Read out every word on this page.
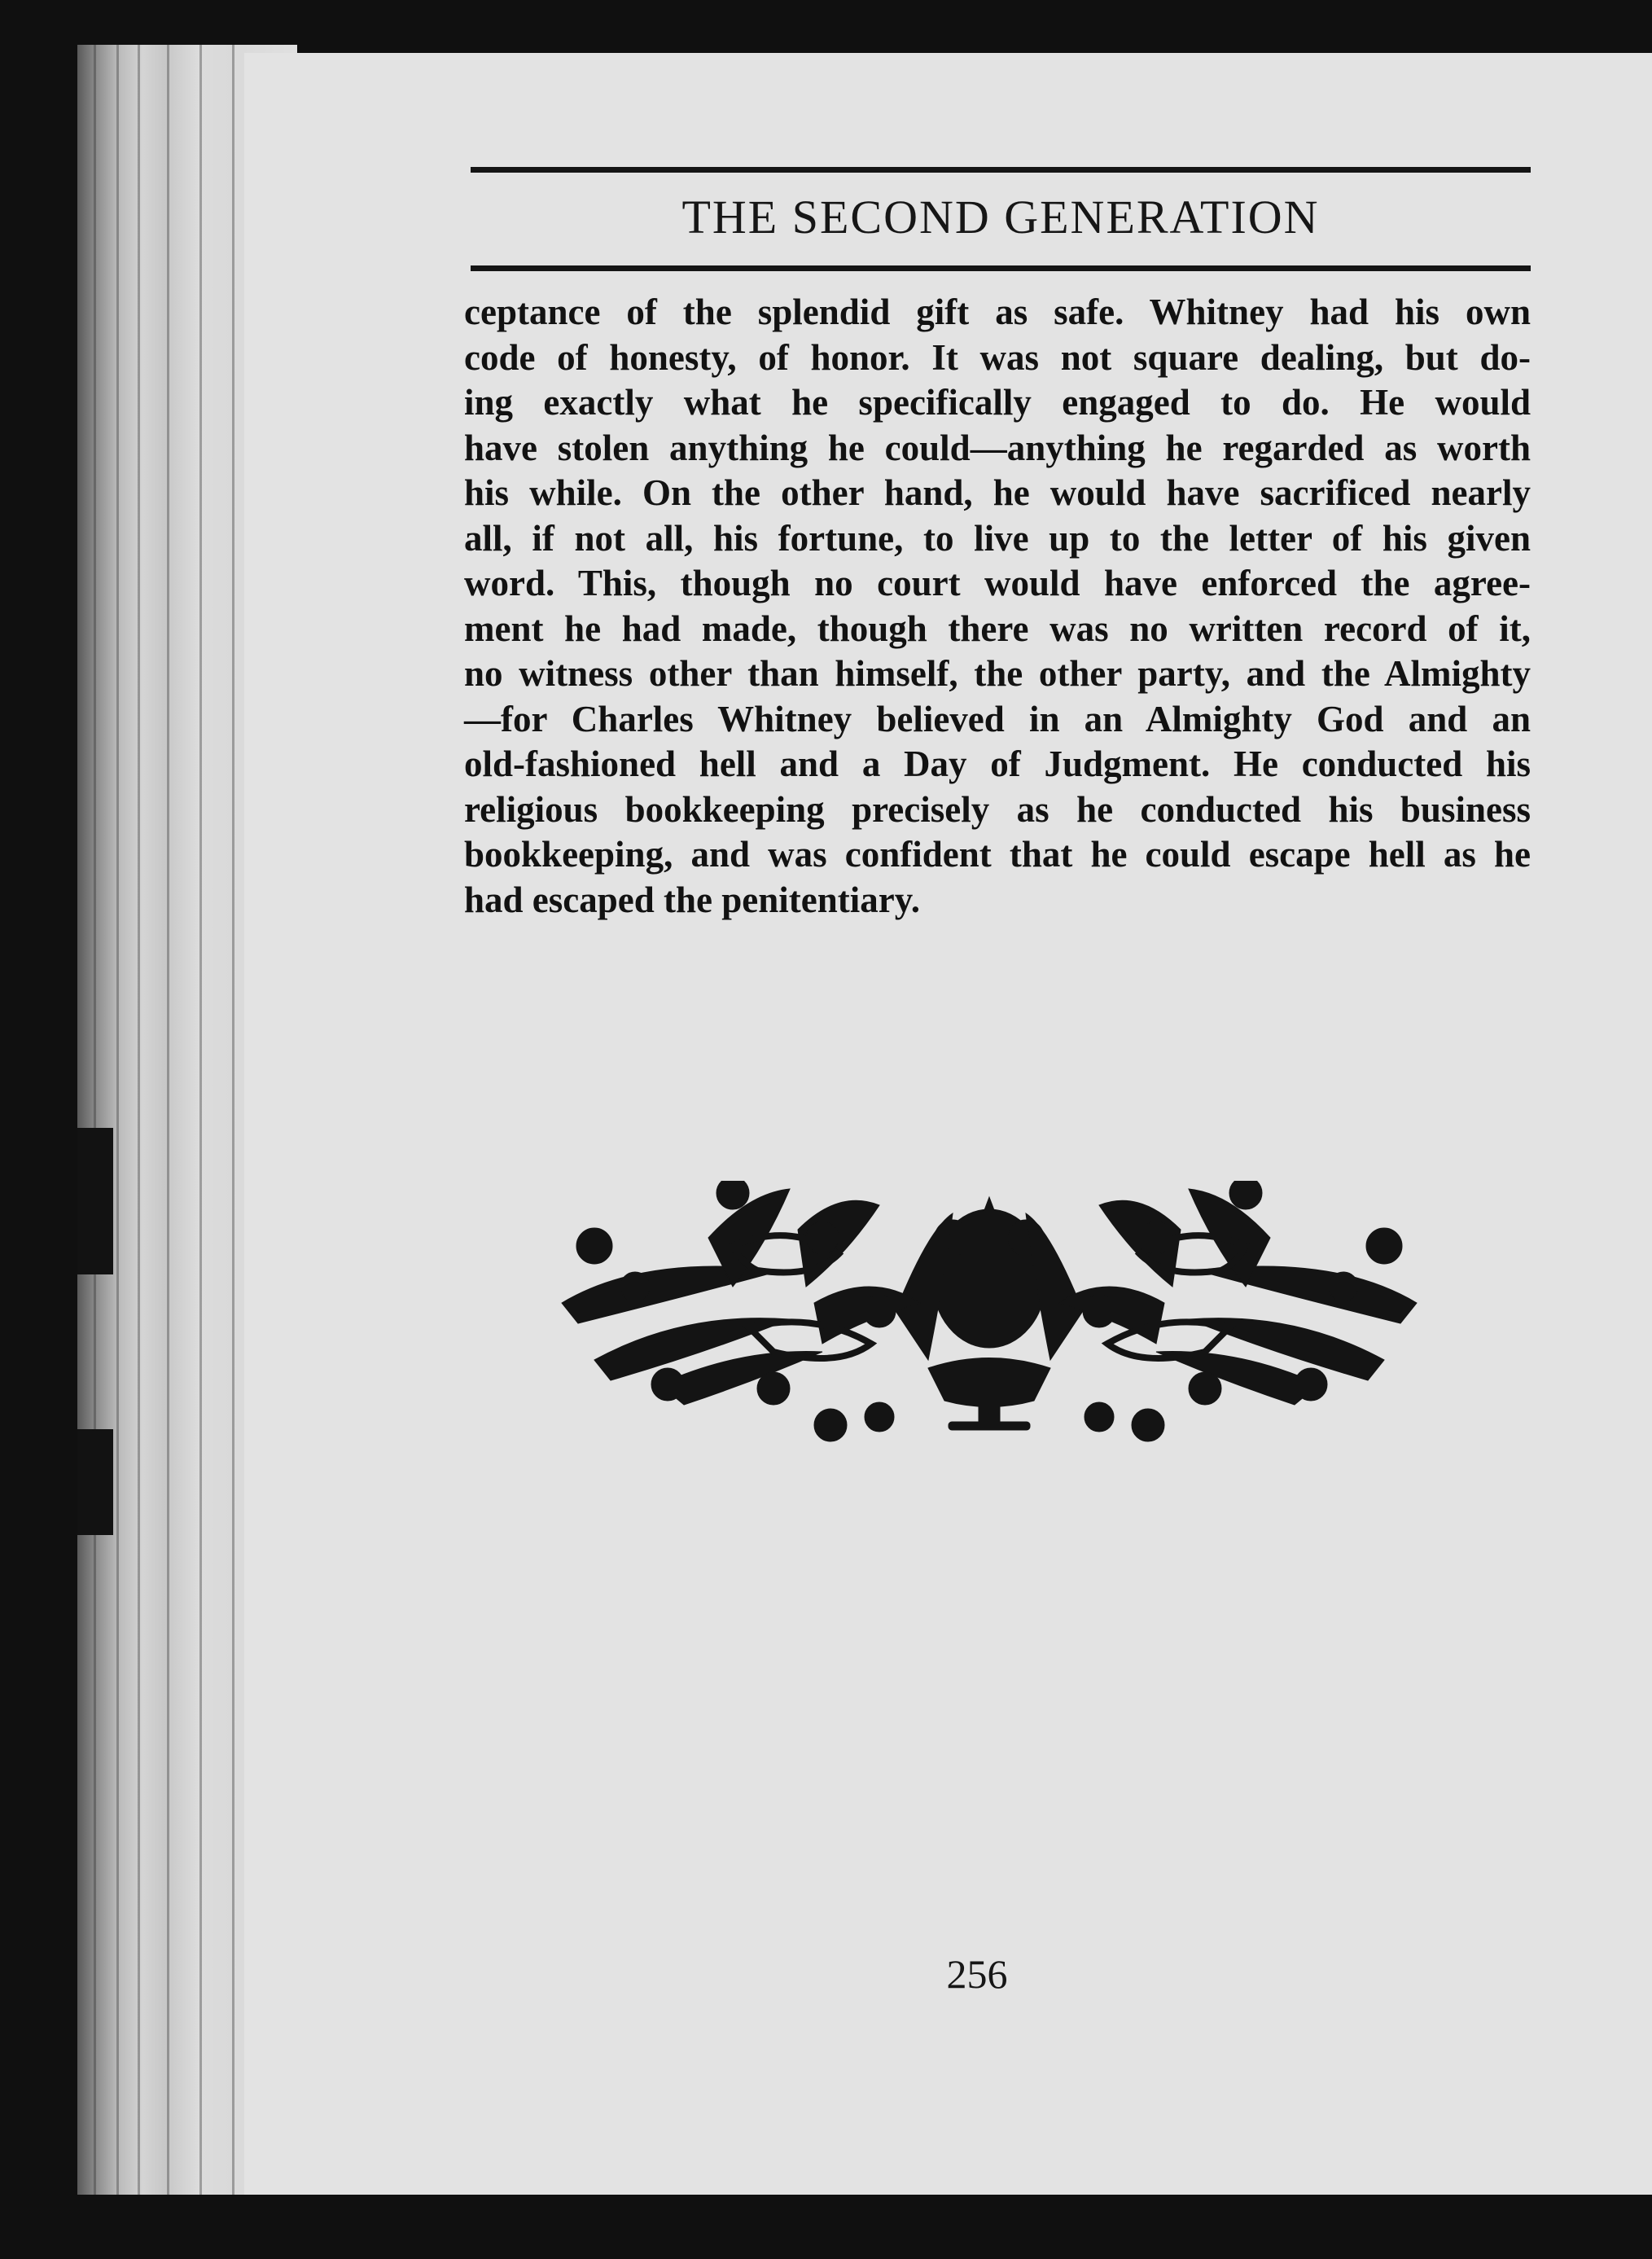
THE SECOND GENERATION
ceptance of the splendid gift as safe. Whitney had his own
code of honesty, of honor. It was not square dealing, but do-
ing exactly what he specifically engaged to do. He would
have stolen anything he could—anything he regarded as worth
his while. On the other hand, he would have sacrificed nearly
all, if not all, his fortune, to live up to the letter of his given
word. This, though no court would have enforced the agree-
ment he had made, though there was no written record of it,
no witness other than himself, the other party, and the Almighty
—for Charles Whitney believed in an Almighty God and an
old-fashioned hell and a Day of Judgment. He conducted his
religious bookkeeping precisely as he conducted his business
bookkeeping, and was confident that he could escape hell as he
had escaped the penitentiary.
256
